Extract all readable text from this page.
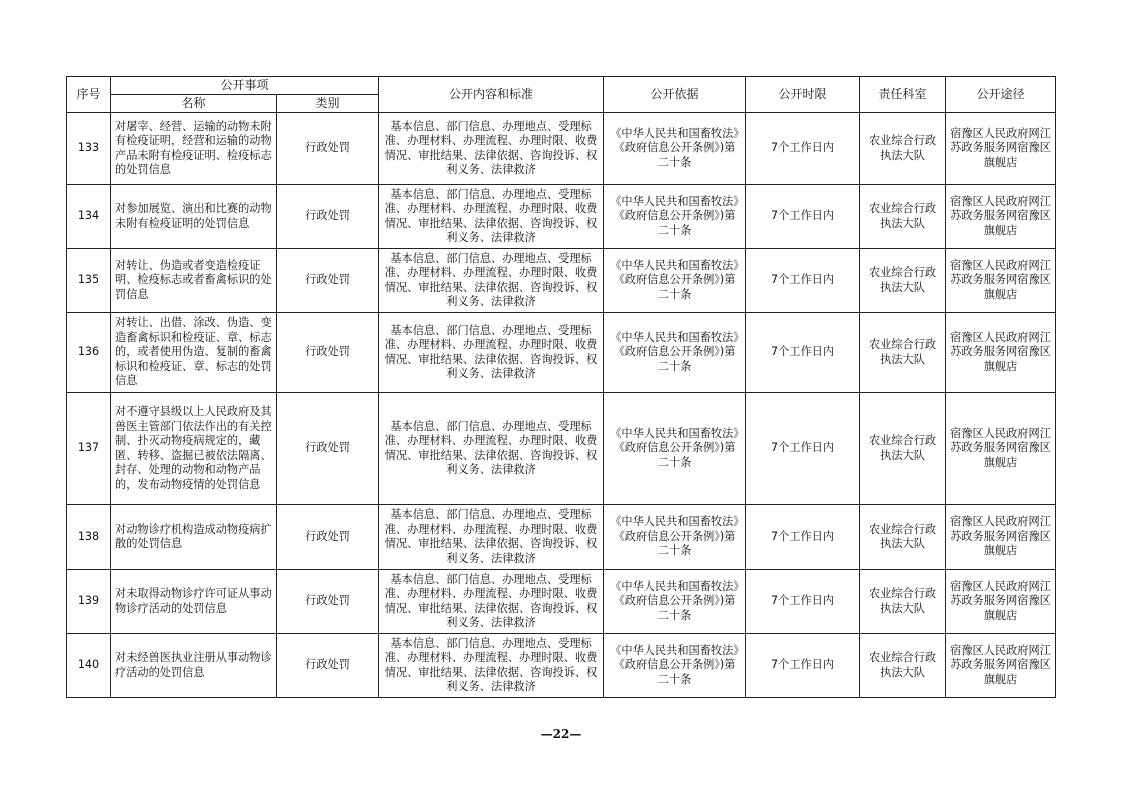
序号	公开事项		公开内容和标准	公开依据	公开时限	责任科室	公开途径
	名称	类别					
133	对屠宰、经营、运输的动物未附有检疫证明，经营和运输的动物产品未附有检疫证明、检疫标志的处罚信息	行政处罚	基本信息、部门信息、办理地点、受理标准、办理材料、办理流程、办理时限、收费情况、审批结果、法律依据、咨询投诉、权利义务、法律救济	《中华人民共和国畜牧法》　　《政府信息公开条例》)第二十条	7个工作日内	农业综合行政执法大队	宿豫区人民政府网江苏政务服务网宿豫区旗舰店
134	对参加展览、演出和比赛的动物未附有检疫证明的处罚信息	行政处罚	基本信息、部门信息、办理地点、受理标准、办理材料、办理流程、办理时限、收费情况、审批结果、法律依据、咨询投诉、权利义务、法律救济	《中华人民共和国畜牧法》　　《政府信息公开条例》)第二十条	7个工作日内	农业综合行政执法大队	宿豫区人民政府网江苏政务服务网宿豫区旗舰店
135	对转让、伪造或者变造检疫证明、检疫标志或者畜禽标识的处罚信息	行政处罚	基本信息、部门信息、办理地点、受理标准、办理材料、办理流程、办理时限、收费情况、审批结果、法律依据、咨询投诉、权利义务、法律救济	《中华人民共和国畜牧法》　　《政府信息公开条例》)第二十条	7个工作日内	农业综合行政执法大队	宿豫区人民政府网江苏政务服务网宿豫区旗舰店
136	对转让、出借、涂改、伪造、变造畜禽标识和检疫证、章、标志的，或者使用伪造、复制的畜禽标识和检疫证、章、标志的处罚信息	行政处罚	基本信息、部门信息、办理地点、受理标准、办理材料、办理流程、办理时限、收费情况、审批结果、法律依据、咨询投诉、权利义务、法律救济	《中华人民共和国畜牧法》　　《政府信息公开条例》)第二十条	7个工作日内	农业综合行政执法大队	宿豫区人民政府网江苏政务服务网宿豫区旗舰店
137	对不遵守县级以上人民政府及其兽医主管部门依法作出的有关控制、扑灭动物疫病规定的，藏匿、转移、盗掘已被依法隔离、封存、处理的动物和动物产品的，发布动物疫情的处罚信息	行政处罚	基本信息、部门信息、办理地点、受理标准、办理材料、办理流程、办理时限、收费情况、审批结果、法律依据、咨询投诉、权利义务、法律救济	《中华人民共和国畜牧法》　　《政府信息公开条例》)第二十条	7个工作日内	农业综合行政执法大队	宿豫区人民政府网江苏政务服务网宿豫区旗舰店
138	对动物诊疗机构造成动物疫病扩散的处罚信息	行政处罚	基本信息、部门信息、办理地点、受理标准、办理材料、办理流程、办理时限、收费情况、审批结果、法律依据、咨询投诉、权利义务、法律救济	《中华人民共和国畜牧法》　　《政府信息公开条例》)第二十条	7个工作日内	农业综合行政执法大队	宿豫区人民政府网江苏政务服务网宿豫区旗舰店
139	对未取得动物诊疗许可证从事动物诊疗活动的处罚信息	行政处罚	基本信息、部门信息、办理地点、受理标准、办理材料、办理流程、办理时限、收费情况、审批结果、法律依据、咨询投诉、权利义务、法律救济	《中华人民共和国畜牧法》　　《政府信息公开条例》)第二十条	7个工作日内	农业综合行政执法大队	宿豫区人民政府网江苏政务服务网宿豫区旗舰店
140	对未经兽医执业注册从事动物诊疗活动的处罚信息	行政处罚	基本信息、部门信息、办理地点、受理标准、办理材料、办理流程、办理时限、收费情况、审批结果、法律依据、咨询投诉、权利义务、法律救济	《中华人民共和国畜牧法》　　《政府信息公开条例》)第二十条	7个工作日内	农业综合行政执法大队	宿豫区人民政府网江苏政务服务网宿豫区旗舰店
—22—
